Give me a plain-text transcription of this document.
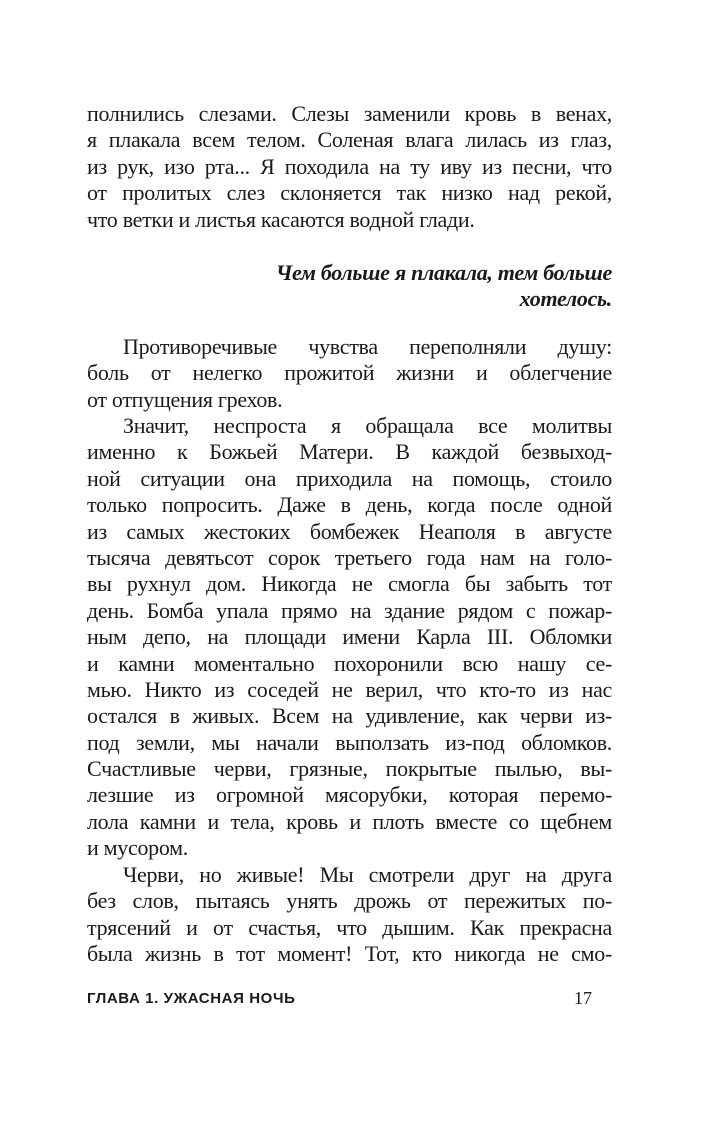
полнились слезами. Слезы заменили кровь в венах,
я плакала всем телом. Соленая влага лилась из глаз,
из рук, изо рта... Я походила на ту иву из песни, что
от пролитых слез склоняется так низко над рекой,
что ветки и листья касаются водной глади.
Чем больше я плакала, тем больше
хотелось.
Противоречивые чувства переполняли душу:
боль от нелегко прожитой жизни и облегчение
от отпущения грехов.
Значит, неспроста я обращала все молитвы
именно к Божьей Матери. В каждой безвыход-
ной ситуации она приходила на помощь, стоило
только попросить. Даже в день, когда после одной
из самых жестоких бомбежек Неаполя в августе
тысяча девятьсот сорок третьего года нам на голо-
вы рухнул дом. Никогда не смогла бы забыть тот
день. Бомба упала прямо на здание рядом с пожар-
ным депо, на площади имени Карла III. Обломки
и камни моментально похоронили всю нашу се-
мью. Никто из соседей не верил, что кто-то из нас
остался в живых. Всем на удивление, как черви из-
под земли, мы начали выползать из-под обломков.
Счастливые черви, грязные, покрытые пылью, вы-
лезшие из огромной мясорубки, которая перемо-
лола камни и тела, кровь и плоть вместе со щебнем
и мусором.
Черви, но живые! Мы смотрели друг на друга
без слов, пытаясь унять дрожь от пережитых по-
трясений и от счастья, что дышим. Как прекрасна
была жизнь в тот момент! Тот, кто никогда не смо-
ГЛАВА 1. УЖАСНАЯ НОЧЬ	17
